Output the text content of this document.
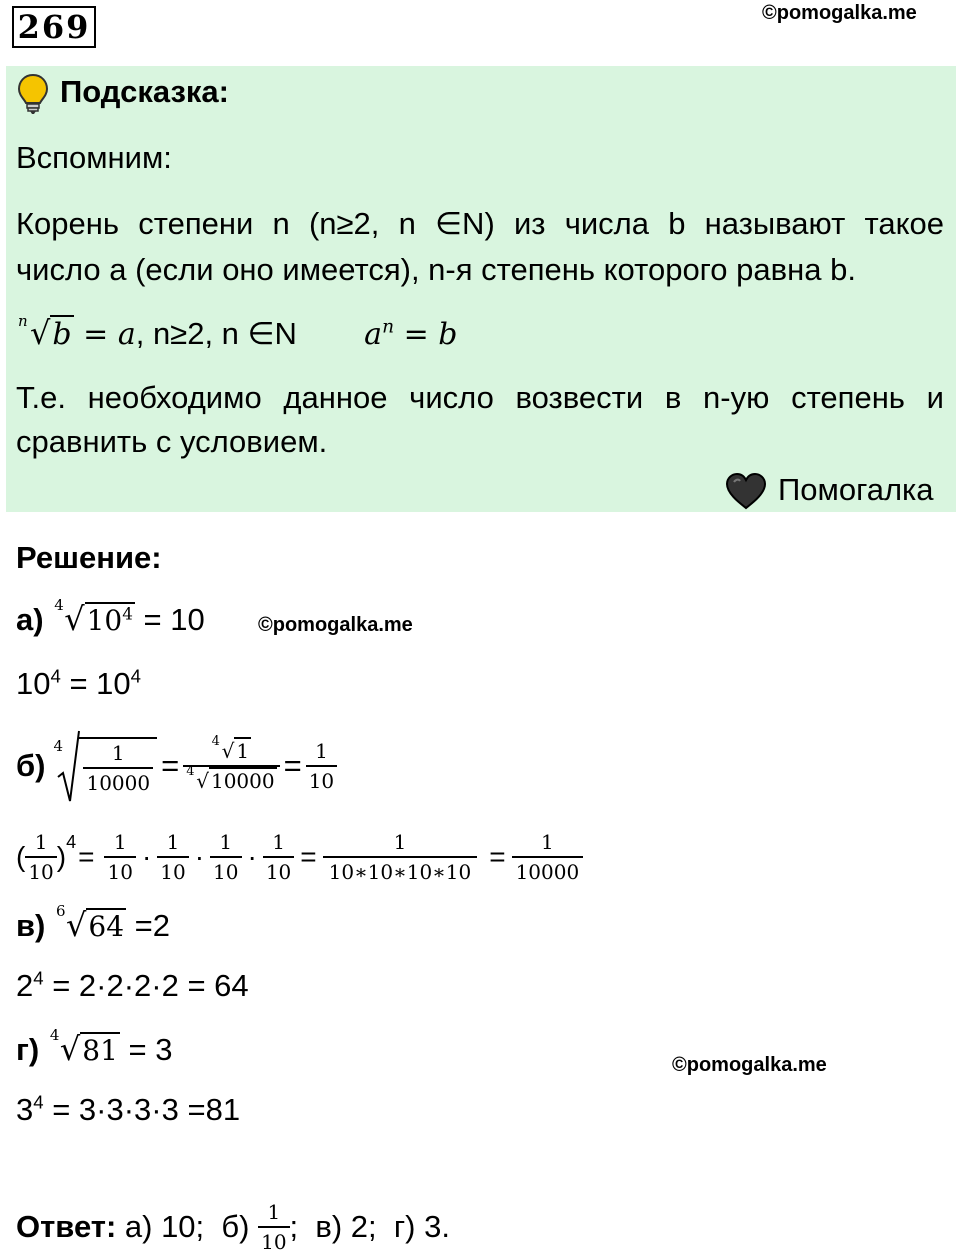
269	©pomogalka.me
Подсказка:
Вспомним:
Корень степени n (n≥2, n ∈N) из числа b называют такое
число a (если оно имеется), n-я степень которого равна b.
n √b = a, n≥2, n ∈N $a^n = b$
Т.е. необходимо данное число возвести в n-ую степень и
сравнить с условием.
Помогалка
Решение:
а) 4 $√10^4 = 10$	©pomogalka.me
$10^4 = 10^4$
б)
$4 \frac{1}{10000} = \frac{4 √ 1}{4 √ 10000} = \frac{1}{10}$
( $\frac{1}{10}$ ) $4 = \frac{1}{10} \cdot \frac{1}{10} \cdot \frac{1}{10} \cdot \frac{1}{10} = \frac{1}{10∗10∗10∗10} = \frac{1}{10000}$
в) 6 √64 =2
$2^4 = 2\cdot 2\cdot 2\cdot 2 = 64$
г) 4 √81 = 3	©pomogalka.me
$3^4 = 3\cdot 3\cdot 3\cdot 3 =81$
Ответ: а) 10;  $б) \frac{1}{10}$ ;  в) 2;  г) 3.
